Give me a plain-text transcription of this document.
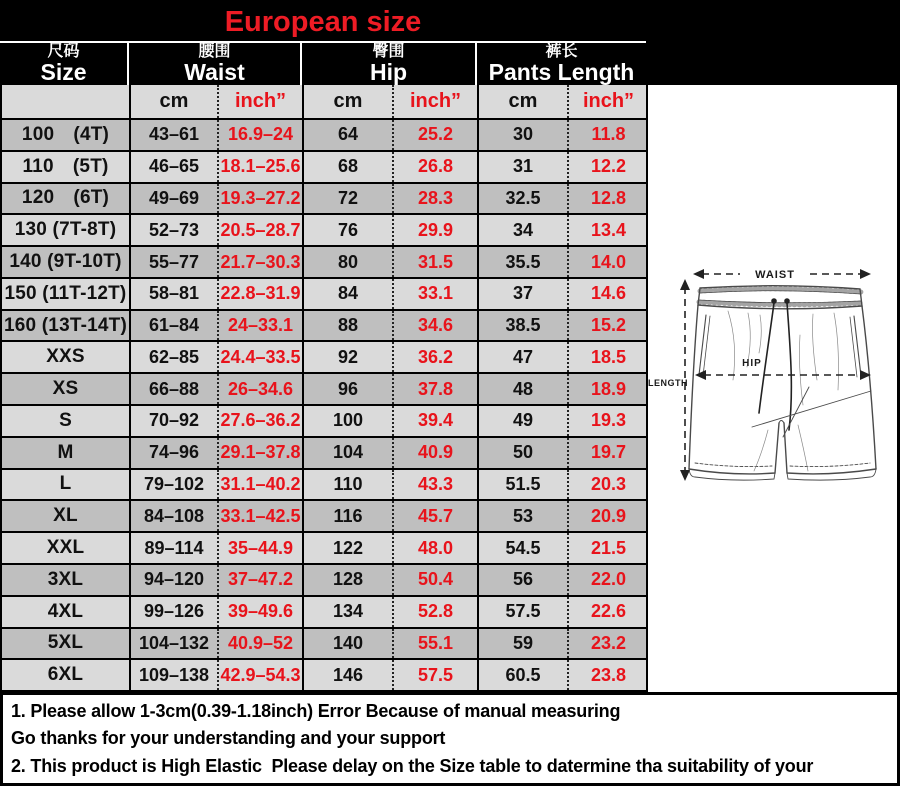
European size
尺码
Size
腰围
Waist
臀围
Hip
裤长
Pants Length
cm	inch”	cm	inch”	cm	inch”
100 (4T)	43–61	16.9–24	64	25.2	30	11.8
110 (5T)	46–65	18.1–25.6	68	26.8	31	12.2
120 (6T)	49–69	19.3–27.2	72	28.3	32.5	12.8
130 (7T-8T)	52–73	20.5–28.7	76	29.9	34	13.4
140 (9T-10T)	55–77	21.7–30.3	80	31.5	35.5	14.0
150 (11T-12T)	58–81	22.8–31.9	84	33.1	37	14.6
160 (13T-14T)	61–84	24–33.1	88	34.6	38.5	15.2
XXS	62–85	24.4–33.5	92	36.2	47	18.5
XS	66–88	26–34.6	96	37.8	48	18.9
S	70–92	27.6–36.2	100	39.4	49	19.3
M	74–96	29.1–37.8	104	40.9	50	19.7
L	79–102 31.1–40.2	110	43.3	51.5	20.3
XL	84–108 33.1–42.5	116	45.7	53	20.9
XXL	89–114	35–44.9	122	48.0	54.5	21.5
3XL	94–120	37–47.2	128	50.4	56	22.0
4XL	99–126	39–49.6	134	52.8	57.5	22.6
5XL	104–132	40.9–52	140	55.1	59	23.2
6XL	109–138 42.9–54.3	146	57.5	60.5	23.8
WAIST
HIP
LENGTH
1. Please allow 1-3cm(0.39-1.18inch) Error Because of manual measuring
Go thanks for your understanding and your support
2. This product is High Elastic  Please delay on the Size table to datermine tha suitability of your
